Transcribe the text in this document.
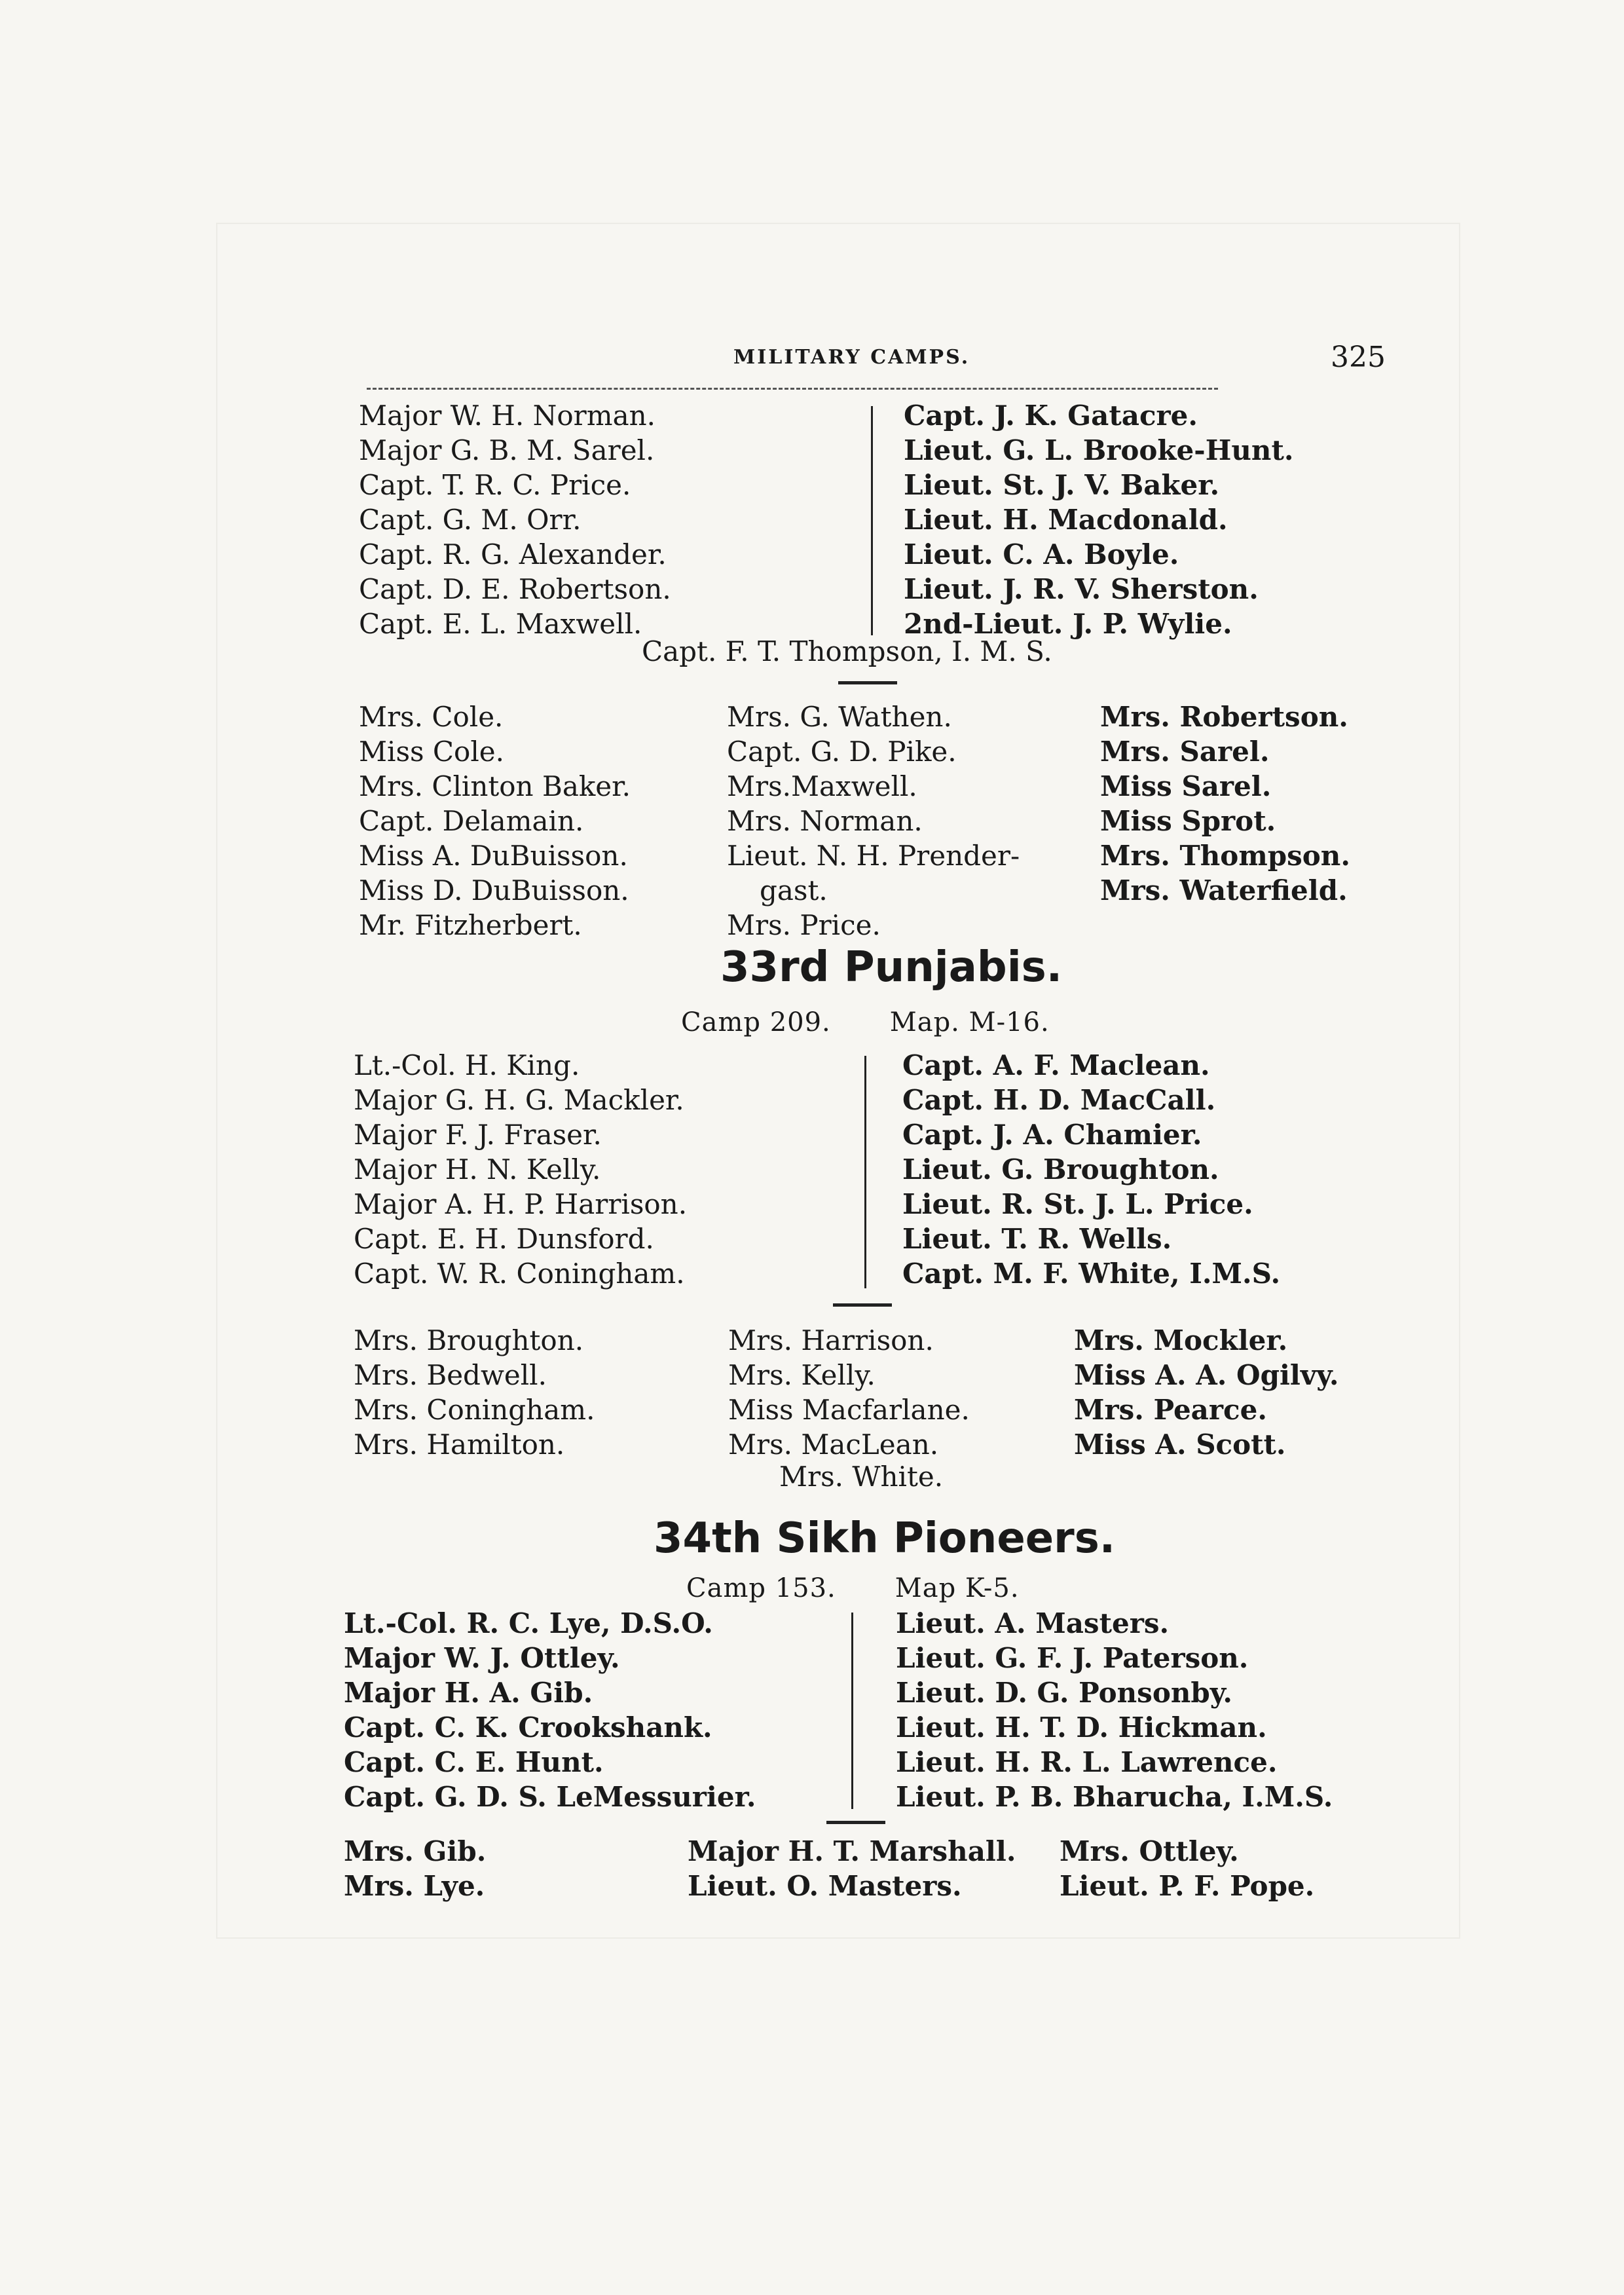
MILITARY CAMPS.	325
Major W. H. Norman.
Major G. B. M. Sarel.
Capt. T. R. C. Price.
Capt. G. M. Orr.
Capt. R. G. Alexander.
Capt. D. E. Robertson.
Capt. E. L. Maxwell.
Capt. J. K. Gatacre.
Lieut. G. L. Brooke-Hunt.
Lieut. St. J. V. Baker.
Lieut. H. Macdonald.
Lieut. C. A. Boyle.
Lieut. J. R. V. Sherston.
2nd-Lieut. J. P. Wylie.
Capt. F. T. Thompson, I. M. S.
Mrs. Cole.
Miss Cole.
Mrs. Clinton Baker.
Capt. Delamain.
Miss A. DuBuisson.
Miss D. DuBuisson.
Mr. Fitzherbert.
Mrs. G. Wathen.
Capt. G. D. Pike.
Mrs.Maxwell.
Mrs. Norman.
Lieut. N. H. Prender-
gast.
Mrs. Price.
Mrs. Robertson.
Mrs. Sarel.
Miss Sarel.
Miss Sprot.
Mrs. Thompson.
Mrs. Waterfield.
33rd Punjabis.
Camp 209. Map. M-16.
Lt.-Col. H. King.
Major G. H. G. Mackler.
Major F. J. Fraser.
Major H. N. Kelly.
Major A. H. P. Harrison.
Capt. E. H. Dunsford.
Capt. W. R. Coningham.
Capt. A. F. Maclean.
Capt. H. D. MacCall.
Capt. J. A. Chamier.
Lieut. G. Broughton.
Lieut. R. St. J. L. Price.
Lieut. T. R. Wells.
Capt. M. F. White, I.M.S.
Mrs. Broughton.
Mrs. Bedwell.
Mrs. Coningham.
Mrs. Hamilton.
Mrs. Harrison.
Mrs. Kelly.
Miss Macfarlane.
Mrs. MacLean.
Mrs. Mockler.
Miss A. A. Ogilvy.
Mrs. Pearce.
Miss A. Scott.
Mrs. White.
34th Sikh Pioneers.
Camp 153. Map K-5.
Lt.-Col. R. C. Lye, D.S.O.
Major W. J. Ottley.
Major H. A. Gib.
Capt. C. K. Crookshank.
Capt. C. E. Hunt.
Capt. G. D. S. LeMessurier.
Lieut. A. Masters.
Lieut. G. F. J. Paterson.
Lieut. D. G. Ponsonby.
Lieut. H. T. D. Hickman.
Lieut. H. R. L. Lawrence.
Lieut. P. B. Bharucha, I.M.S.
Mrs. Gib.
Mrs. Lye.
Major H. T. Marshall.
Lieut. O. Masters.
Mrs. Ottley.
Lieut. P. F. Pope.
